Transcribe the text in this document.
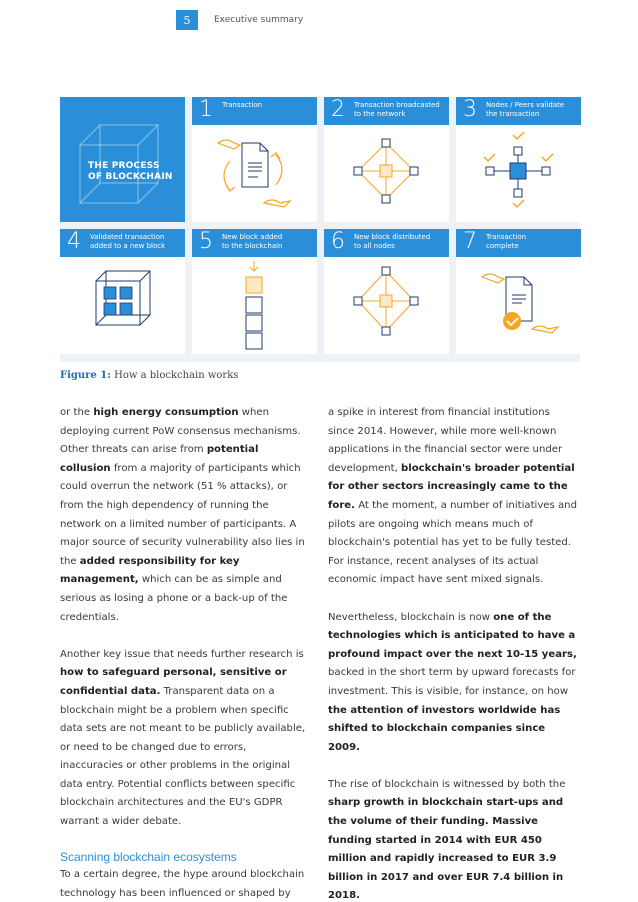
5	Executive summary
THE PROCESS
OF BLOCKCHAIN
1	Transaction	2	Transaction broadcasted
to the network	3	Nodes / Peers validate
the transaction
4	Validated transaction
added to a new block 5	New block added
to the blockchain 6	New block distributed
to all nodes	7	Transaction
complete
Figure 1: How a blockchain works

or the high energy consumption when deploying current PoW consensus mechanisms. Other threats can arise from potential collusion from a majority of participants which could overrun the network (51 % attacks), or from the high dependency of running the network on a limited number of participants. A major source of security vulnerability also lies in the added responsibility for key management, which can be as simple and serious as losing a phone or a back-up of the credentials.

Another key issue that needs further research is how to safeguard personal, sensitive or confidential data. Transparent data on a blockchain might be a problem when specific data sets are not meant to be publicly available, or need to be changed due to errors, inaccuracies or other problems in the original data entry. Potential conflicts between specific blockchain architectures and the EU's GDPR warrant a wider debate.

Scanning blockchain ecosystems

To a certain degree, the hype around blockchain technology has been influenced or shaped by

a spike in interest from financial institutions since 2014. However, while more well-known applications in the financial sector were under development, blockchain's broader potential for other sectors increasingly came to the fore. At the moment, a number of initiatives and pilots are ongoing which means much of blockchain's potential has yet to be fully tested. For instance, recent analyses of its actual economic impact have sent mixed signals.

Nevertheless, blockchain is now one of the technologies which is anticipated to have a profound impact over the next 10-15 years, backed in the short term by upward forecasts for investment. This is visible, for instance, on how the attention of investors worldwide has shifted to blockchain companies since 2009.

The rise of blockchain is witnessed by both the sharp growth in blockchain start-ups and the volume of their funding. Massive funding started in 2014 with EUR 450 million and rapidly increased to EUR 3.9 billion in 2017 and over EUR 7.4 billion in 2018.
